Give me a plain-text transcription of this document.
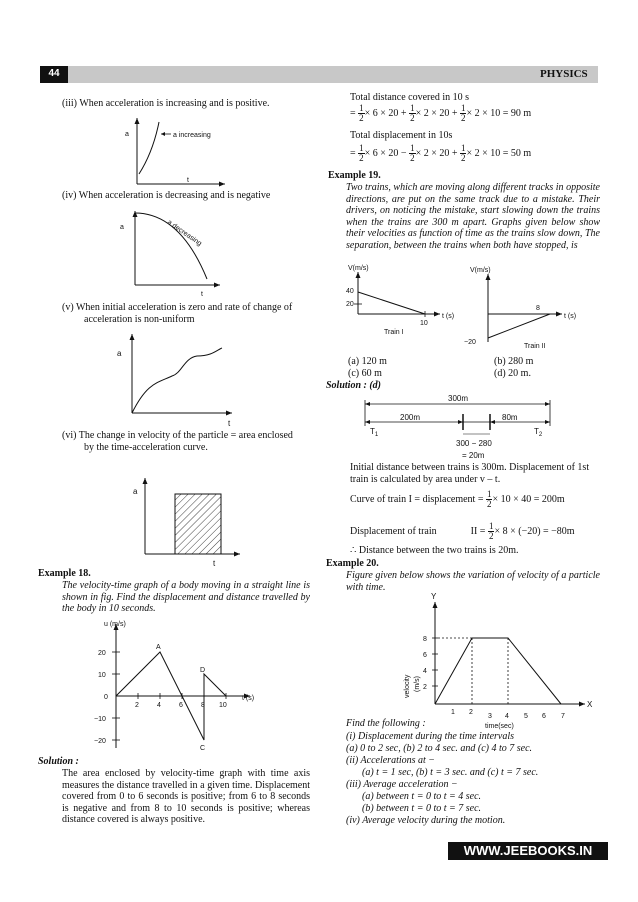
44	PHYSICS
(iii) When acceleration is increasing and is positive.
a	a increasing
t
(iv) When acceleration is decreasing and is negative
a	a decreasing
t
(v) When initial acceleration is zero and rate of change of
acceleration is non-uniform
a
t
(vi) The change in velocity of the particle = area enclosed
by the time-acceleration curve.
a
t
Example 18.
The velocity-time graph of a body moving in a straight line is shown in fig. Find the displacement and distance travelled by the body in 10 seconds.
u (m/s)
t (s)
20
10
0
−10
−20
2	4	6	8 10
A
C
D
Solution :
The area enclosed by velocity-time graph with time axis measures the distance travelled in a given time. Displacement covered from 0 to 6 seconds is positive; from 6 to 8 seconds is negative and from 8 to 10 seconds is positive; whereas distance covered is always positive.
Total distance covered in 10 s
= $\frac{1}{2} \times 6 \times 20 + \frac{1}{2} \times 2 \times 20 + \frac{1}{2} \times 2 \times 10 = 90$ m
Total displacement in 10s
= $\frac{1}{2} \times 6 \times 20 - \frac{1}{2} \times 2 \times 20 + \frac{1}{2} \times 2 \times 10 = 50$ m
Example 19.
Two trains, which are moving along different tracks in opposite directions, are put on the same track due to a mistake. Their drivers, on noticing the mistake, start slowing down the trains when the trains are 300 m apart. Graphs given below show their velocities as function of time as the trains slow down, The separation, between the trains when both have stopped, is
V(m/s)
40
20
10
t (s)
Train I
V(m/s)
8
−20
t (s)
Train II
(a) 120 m	(b) 280 m
(c) 60 m	(d) 20 m.
Solution : (d)
300m
200m	80m
$T_1$	$T_2$
300 − 280
= 20m
Initial distance between trains is 300m. Displacement of 1st train is calculated by area under v – t.
Curve of train I = displacement = $\frac{1}{2} \times 10 \times 40 = 200m$
Displacement of train	II = $\frac{1}{2} \times 8 \times (-20) = -80m$
∴ Distance between the two trains is 20m.
Example 20.
Figure given below shows the variation of velocity of a particle with time.
Y
X
velocity (m/s)
8
6
4
2
1 2
3 4 5 6 7
time(sec)
Find the following :
(i) Displacement during the time intervals
(a) 0 to 2 sec, (b) 2 to 4 sec. and (c) 4 to 7 sec.
(ii) Accelerations at −
(a) t = 1 sec, (b) t = 3 sec. and (c) t = 7 sec.
(iii) Average acceleration −
(a) between t = 0 to t = 4 sec.
(b) between t = 0 to t = 7 sec.
(iv) Average velocity during the motion.
WWW.JEEBOOKS.IN
